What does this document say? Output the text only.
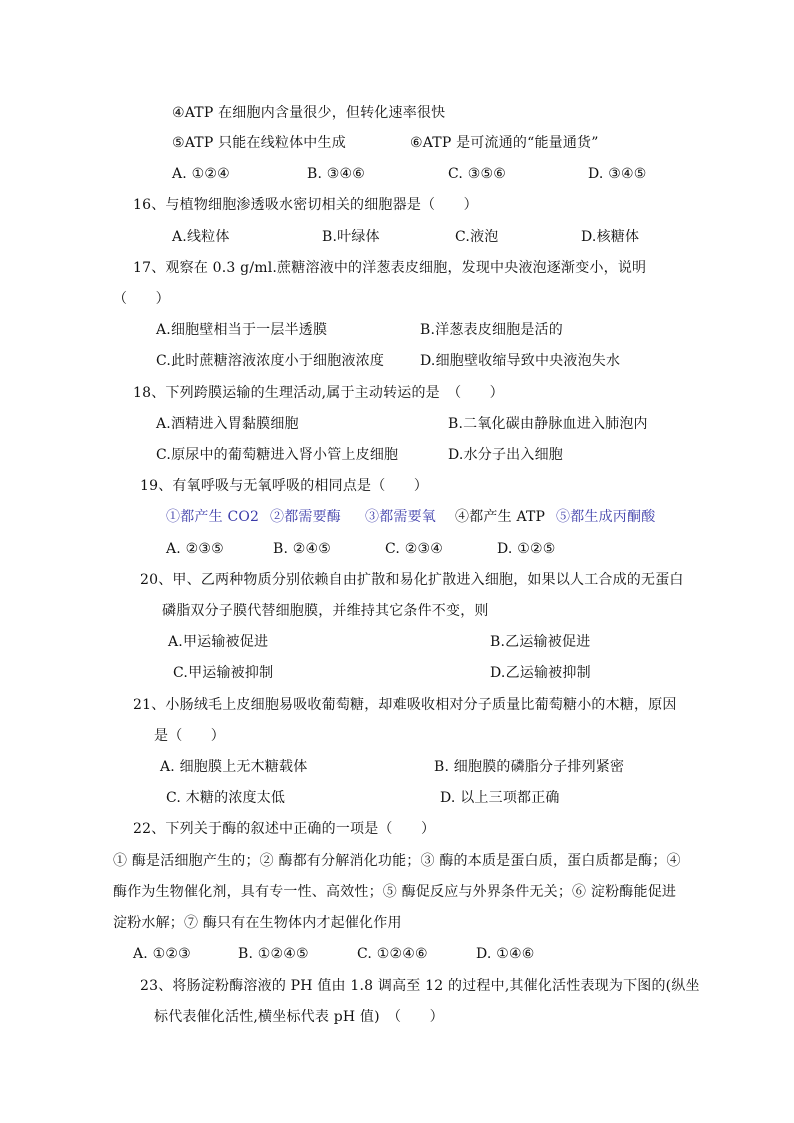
④ATP 在细胞内含量很少，但转化速率很快
⑤ATP 只能在线粒体中生成	⑥ATP 是可流通的“能量通货”
A. ①②④	B. ③④⑥	C. ③⑤⑥	D. ③④⑤
16、与植物细胞渗透吸水密切相关的细胞器是（　　）
A.线粒体	B.叶绿体	C.液泡	D.核糖体
17、观察在 0.3 g/ml.蔗糖溶液中的洋葱表皮细胞，发现中央液泡逐渐变小，说明
（　　）
A.细胞壁相当于一层半透膜	B.洋葱表皮细胞是活的
C.此时蔗糖溶液浓度小于细胞液浓度	D.细胞壁收缩导致中央液泡失水
18、下列跨膜运输的生理活动,属于主动转运的是　（　　）
A.酒精进入胃黏膜细胞	B.二氧化碳由静脉血进入肺泡内
C.原尿中的葡萄糖进入肾小管上皮细胞	D.水分子出入细胞
19、有氧呼吸与无氧呼吸的相同点是（　　）
①都产生 CO2 ②都需要酶 ③都需要氧 ④都产生 ATP ⑤都生成丙酮酸
A. ②③⑤	B. ②④⑤	C. ②③④	D. ①②⑤
20、甲、乙两种物质分别依赖自由扩散和易化扩散进入细胞，如果以人工合成的无蛋白
磷脂双分子膜代替细胞膜，并维持其它条件不变，则
A.甲运输被促进	B.乙运输被促进
C.甲运输被抑制	D.乙运输被抑制
21、小肠绒毛上皮细胞易吸收葡萄糖，却难吸收相对分子质量比葡萄糖小的木糖，原因
是（　　）
A. 细胞膜上无木糖载体	B. 细胞膜的磷脂分子排列紧密
C. 木糖的浓度太低	D. 以上三项都正确
22、下列关于酶的叙述中正确的一项是（　　）
① 酶是活细胞产生的；② 酶都有分解消化功能；③ 酶的本质是蛋白质，蛋白质都是酶；④
酶作为生物催化剂，具有专一性、高效性；⑤ 酶促反应与外界条件无关；⑥ 淀粉酶能促进
淀粉水解；⑦ 酶只有在生物体内才起催化作用
A. ①②③	B. ①②④⑤	C. ①②④⑥	D. ①④⑥
23、将肠淀粉酶溶液的 PH 值由 1.8 调高至 12 的过程中,其催化活性表现为下图的(纵坐
标代表催化活性,横坐标代表 pH 值)　（　　）
